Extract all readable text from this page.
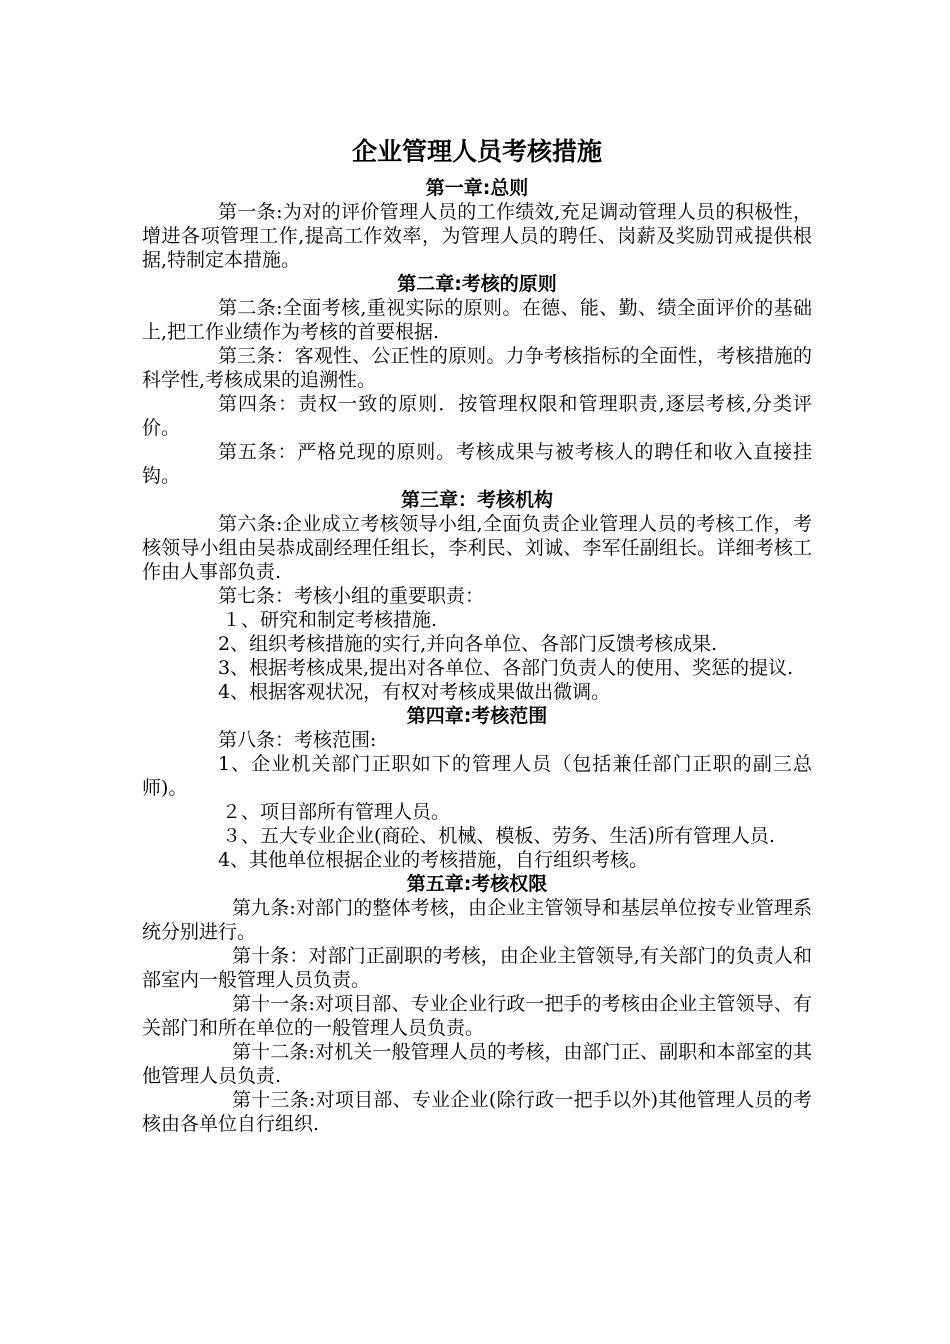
企业管理人员考核措施
第一章:总则

第一条:为对的评价管理人员的工作绩效,充足调动管理人员的积极性，增进各项管理工作,提高工作效率，为管理人员的聘任、岗薪及奖励罚戒提供根据,特制定本措施。

第二章:考核的原则

第二条:全面考核,重视实际的原则。在德、能、勤、绩全面评价的基础上,把工作业绩作为考核的首要根据.

第三条：客观性、公正性的原则。力争考核指标的全面性，考核措施的科学性,考核成果的追溯性。

第四条：责权一致的原则．按管理权限和管理职责,逐层考核,分类评价。

第五条：严格兑现的原则。考核成果与被考核人的聘任和收入直接挂钩。

第三章：考核机构

第六条:企业成立考核领导小组,全面负责企业管理人员的考核工作，考核领导小组由吴恭成副经理任组长，李利民、刘诚、李军任副组长。详细考核工作由人事部负责.

第七条：考核小组的重要职责：

１、研究和制定考核措施.

2、组织考核措施的实行,并向各单位、各部门反馈考核成果.

3、根据考核成果,提出对各单位、各部门负责人的使用、奖惩的提议.

4、根据客观状况，有权对考核成果做出微调。

第四章:考核范围

第八条：考核范围:

1、企业机关部门正职如下的管理人员（包括兼任部门正职的副三总师)。

２、项目部所有管理人员。

３、五大专业企业(商砼、机械、模板、劳务、生活)所有管理人员.

4、其他单位根据企业的考核措施，自行组织考核。

第五章:考核权限

第九条:对部门的整体考核，由企业主管领导和基层单位按专业管理系统分别进行。

第十条：对部门正副职的考核，由企业主管领导,有关部门的负责人和部室内一般管理人员负责。

第十一条:对项目部、专业企业行政一把手的考核由企业主管领导、有关部门和所在单位的一般管理人员负责。

第十二条:对机关一般管理人员的考核，由部门正、副职和本部室的其他管理人员负责.

第十三条:对项目部、专业企业(除行政一把手以外)其他管理人员的考核由各单位自行组织.
